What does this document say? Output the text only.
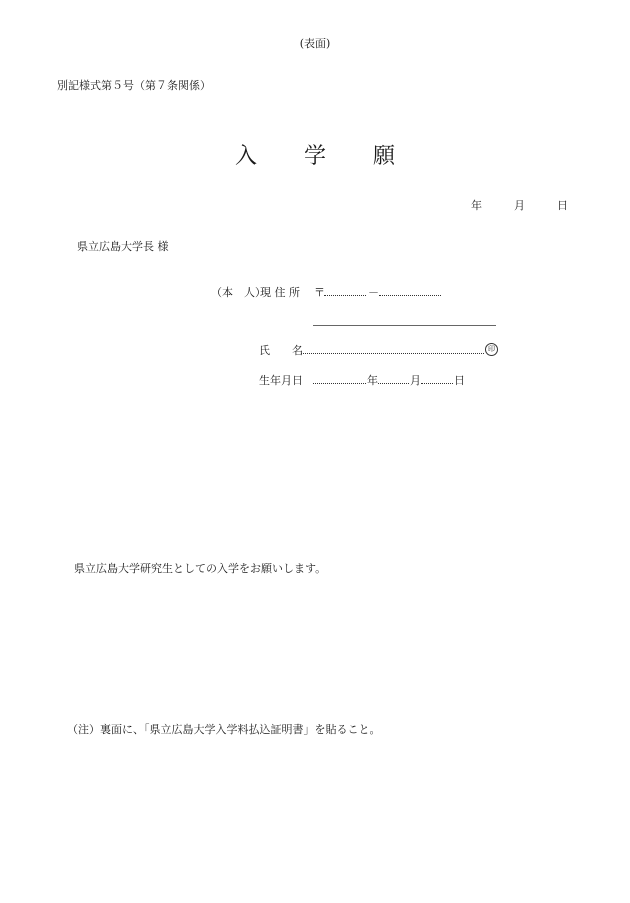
(表面)
別記様式第５号（第７条関係）
入 学 願
年	月	日
県立広島大学長 様
（本　人）
現 住 所 〒	－
氏　　名	印
生年月日	年	月	日
県立広島大学研究生としての入学をお願いします。
（注）裏面に、「県立広島大学入学料払込証明書」を貼ること。
